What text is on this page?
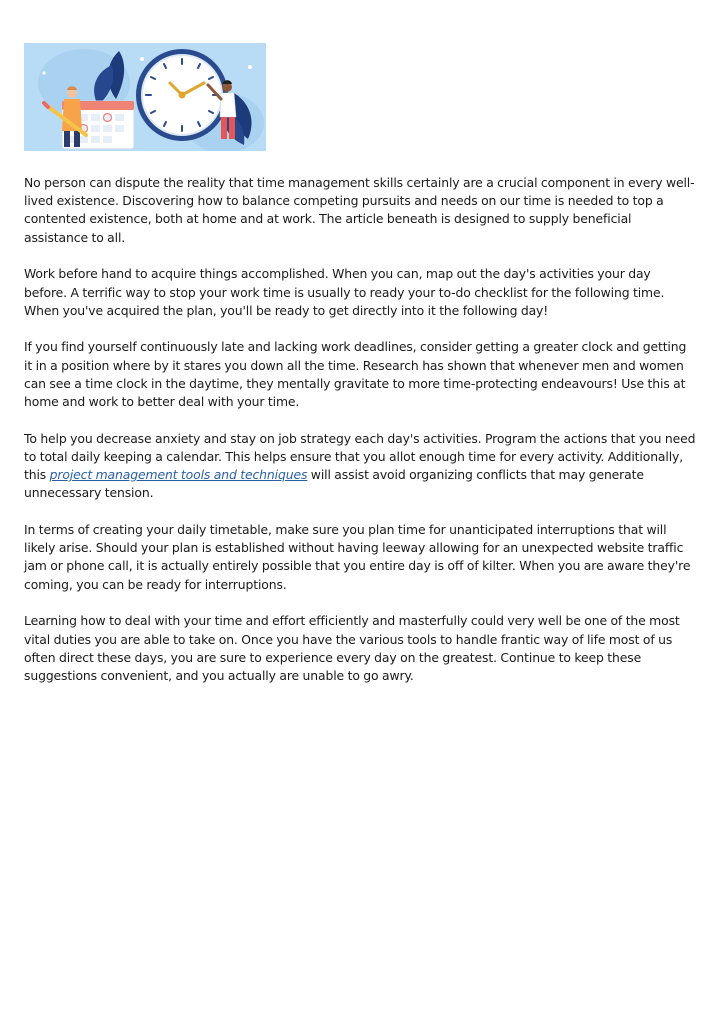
No person can dispute the reality that time management skills certainly are a crucial component in every well-lived existence. Discovering how to balance competing pursuits and needs on our time is needed to top a contented existence, both at home and at work. The article beneath is designed to supply beneficial assistance to all.

Work before hand to acquire things accomplished. When you can, map out the day's activities your day before. A terrific way to stop your work time is usually to ready your to-do checklist for the following time. When you've acquired the plan, you'll be ready to get directly into it the following day!

If you find yourself continuously late and lacking work deadlines, consider getting a greater clock and getting it in a position where by it stares you down all the time. Research has shown that whenever men and women can see a time clock in the daytime, they mentally gravitate to more time-protecting endeavours! Use this at home and work to better deal with your time.

To help you decrease anxiety and stay on job strategy each day's activities. Program the actions that you need to total daily keeping a calendar. This helps ensure that you allot enough time for every activity. Additionally, this project management tools and techniques will assist avoid organizing conflicts that may generate unnecessary tension.

In terms of creating your daily timetable, make sure you plan time for unanticipated interruptions that will likely arise. Should your plan is established without having leeway allowing for an unexpected website traffic jam or phone call, it is actually entirely possible that you entire day is off of kilter. When you are aware they're coming, you can be ready for interruptions.

Learning how to deal with your time and effort efficiently and masterfully could very well be one of the most vital duties you are able to take on. Once you have the various tools to handle frantic way of life most of us often direct these days, you are sure to experience every day on the greatest. Continue to keep these suggestions convenient, and you actually are unable to go awry.
